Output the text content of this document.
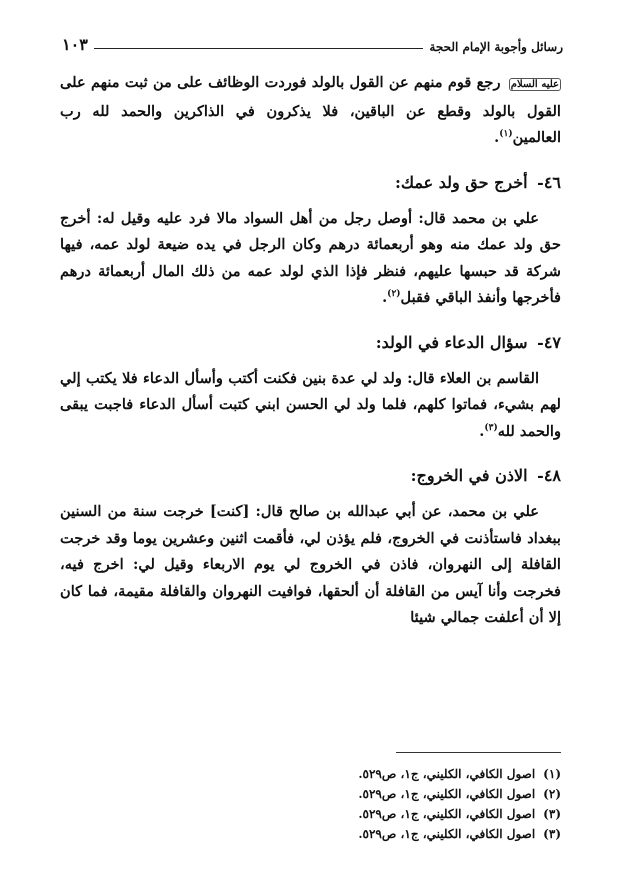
رسائل وأجوبة الإمام الحجة
١٠٣

عليه السلام رجع قوم منهم عن القول بالولد فوردت الوظائف على من ثبت منهم على القول بالولد وقطع عن الباقين، فلا يذكرون في الذاكرين والحمد لله رب العالمين$^{(١)}$.

٤٦- أخرج حق ولد عمك:

علي بن محمد قال: أوصل رجل من أهل السواد مالا فرد عليه وقيل له: أخرج حق ولد عمك منه وهو أربعمائة درهم وكان الرجل في يده ضيعة لولد عمه، فيها شركة قد حبسها عليهم، فنظر فإذا الذي لولد عمه من ذلك المال أربعمائة درهم فأخرجها وأنفذ الباقي فقبل$^{(٢)}$.

٤٧- سؤال الدعاء في الولد:

القاسم بن العلاء قال: ولد لي عدة بنين فكنت أكتب وأسأل الدعاء فلا يكتب إلي لهم بشيء، فماتوا كلهم، فلما ولد لي الحسن ابني كتبت أسأل الدعاء فاجبت يبقى والحمد لله$^{(٣)}$.

٤٨- الاذن في الخروج:

علي بن محمد، عن أبي عبدالله بن صالح قال: [كنت] خرجت سنة من السنين ببغداد فاستأذنت في الخروج، فلم يؤذن لي، فأقمت اثنين وعشرين يوما وقد خرجت القافلة إلى النهروان، فاذن في الخروج لي يوم الاربعاء وقيل لي: اخرج فيه، فخرجت وأنا آيس من القافلة أن ألحقها، فوافيت النهروان والقافلة مقيمة، فما كان إلا أن أعلفت جمالي شيئا

(١)اصول الكافي، الكليني، ج١، ص٥٢٩.
(٢)اصول الكافي، الكليني، ج١، ص٥٢٩.
(٣)اصول الكافي، الكليني، ج١، ص٥٢٩.
(٣)اصول الكافي، الكليني، ج١، ص٥٢٩.
